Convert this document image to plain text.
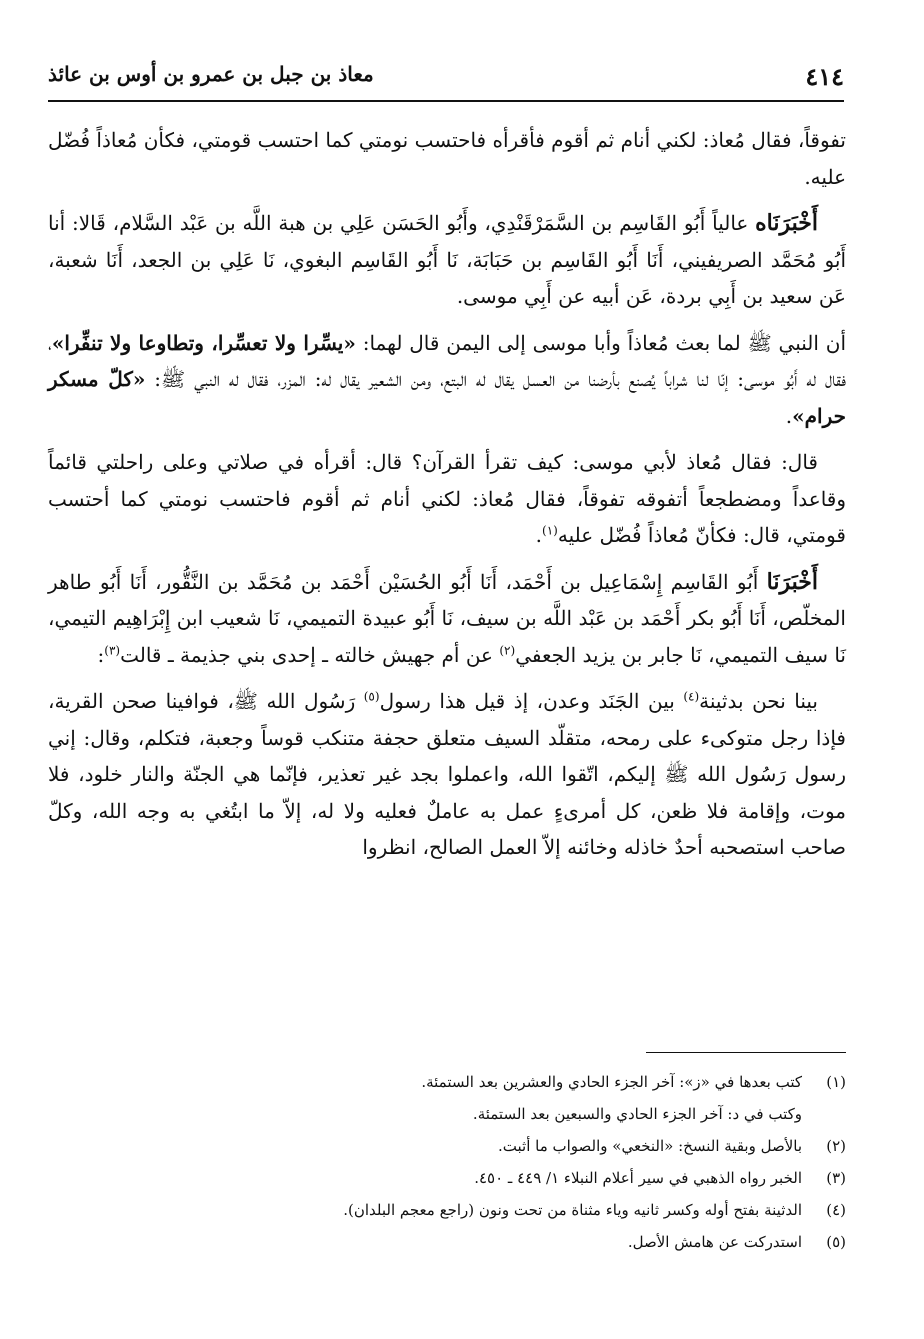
٤١٤
معاذ بن جبل بن عمرو بن أوس بن عائذ

تفوقاً، فقال مُعاذ: لكني أنام ثم أقوم فأقرأه فاحتسب نومتي كما احتسب قومتي، فكأن مُعاذاً فُضّل عليه.

أَخْبَرَنَاه عالياً أَبُو القَاسِم بن السَّمَرْقَنْدِي، وأَبُو الحَسَن عَلِي بن هبة اللَّه بن عَبْد السَّلام، قَالا: أنا أَبُو مُحَمَّد الصريفيني، أَنَا أَبُو القَاسِم بن حَبَابَة، نَا أَبُو القَاسِم البغوي، نَا عَلِي بن الجعد، أَنَا شعبة، عَن سعيد بن أَبِي بردة، عَن أبيه عن أَبِي موسى.

أن النبي ﷺ لما بعث مُعاذاً وأبا موسى إلى اليمن قال لهما: «يسِّرا ولا تعسِّرا، وتطاوعا ولا تنفِّرا»، فقال له أَبُو موسى: إنّا لنا شراباً يُصنع بأرضنا من العسل يقال له البتع، ومن الشعير يقال له: المزر، فقال له النبي ﷺ: «كلّ مسكر حرام».

قال: فقال مُعاذ لأبي موسى: كيف تقرأ القرآن؟ قال: أقرأه في صلاتي وعلى راحلتي قائماً وقاعداً ومضطجعاً أتفوقه تفوقاً، فقال مُعاذ: لكني أنام ثم أقوم فاحتسب نومتي كما أحتسب قومتي، قال: فكأنّ مُعاذاً فُضّل عليه$^{(١)}$.

أَخْبَرَنَا أَبُو القَاسِم إِسْمَاعِيل بن أَحْمَد، أَنَا أَبُو الحُسَيْن أَحْمَد بن مُحَمَّد بن النَّقُّور، أَنَا أَبُو طاهر المخلّص، أَنَا أَبُو بكر أَحْمَد بن عَبْد اللَّه بن سيف، نَا أَبُو عبيدة التميمي، نَا شعيب ابن إِبْرَاهِيم التيمي، نَا سيف التميمي، نَا جابر بن يزيد الجعفي$^{(٢)}$ عن أم جهيش خالته ـ إحدى بني جذيمة ـ قالت$^{(٣)}$:

بينا نحن بدثينة$^{(٤)}$ بين الجَنَد وعدن، إذ قيل هذا رسول$^{(٥)}$ رَسُول الله ﷺ، فوافينا صحن القرية، فإذا رجل متوكىء على رمحه، متقلّد السيف متعلق حجفة متنكب قوساً وجعبة، فتكلم، وقال: إني رسول رَسُول الله ﷺ إليكم، اتّقوا الله، واعملوا بجد غير تعذير، فإنّما هي الجنّة والنار خلود، فلا موت، وإقامة فلا ظعن، كل أمرىءٍ عمل به عاملٌ فعليه ولا له، إلاّ ما ابتُغي به وجه الله، وكلّ صاحب استصحبه أحدٌ خاذله وخائنه إلاّ العمل الصالح، انظروا

(١)
كتب بعدها في «ز»: آخر الجزء الحادي والعشرين بعد الستمئة.
وكتب في د: آخر الجزء الحادي والسبعين بعد الستمئة.
(٢)
بالأصل وبقية النسخ: «النخعي» والصواب ما أثبت.
(٣)
الخبر رواه الذهبي في سير أعلام النبلاء ١/ ٤٤٩ ـ ٤٥٠.
(٤)
الدثينة بفتح أوله وكسر ثانيه وياء مثناة من تحت ونون (راجع معجم البلدان).
(٥)
استدركت عن هامش الأصل.
